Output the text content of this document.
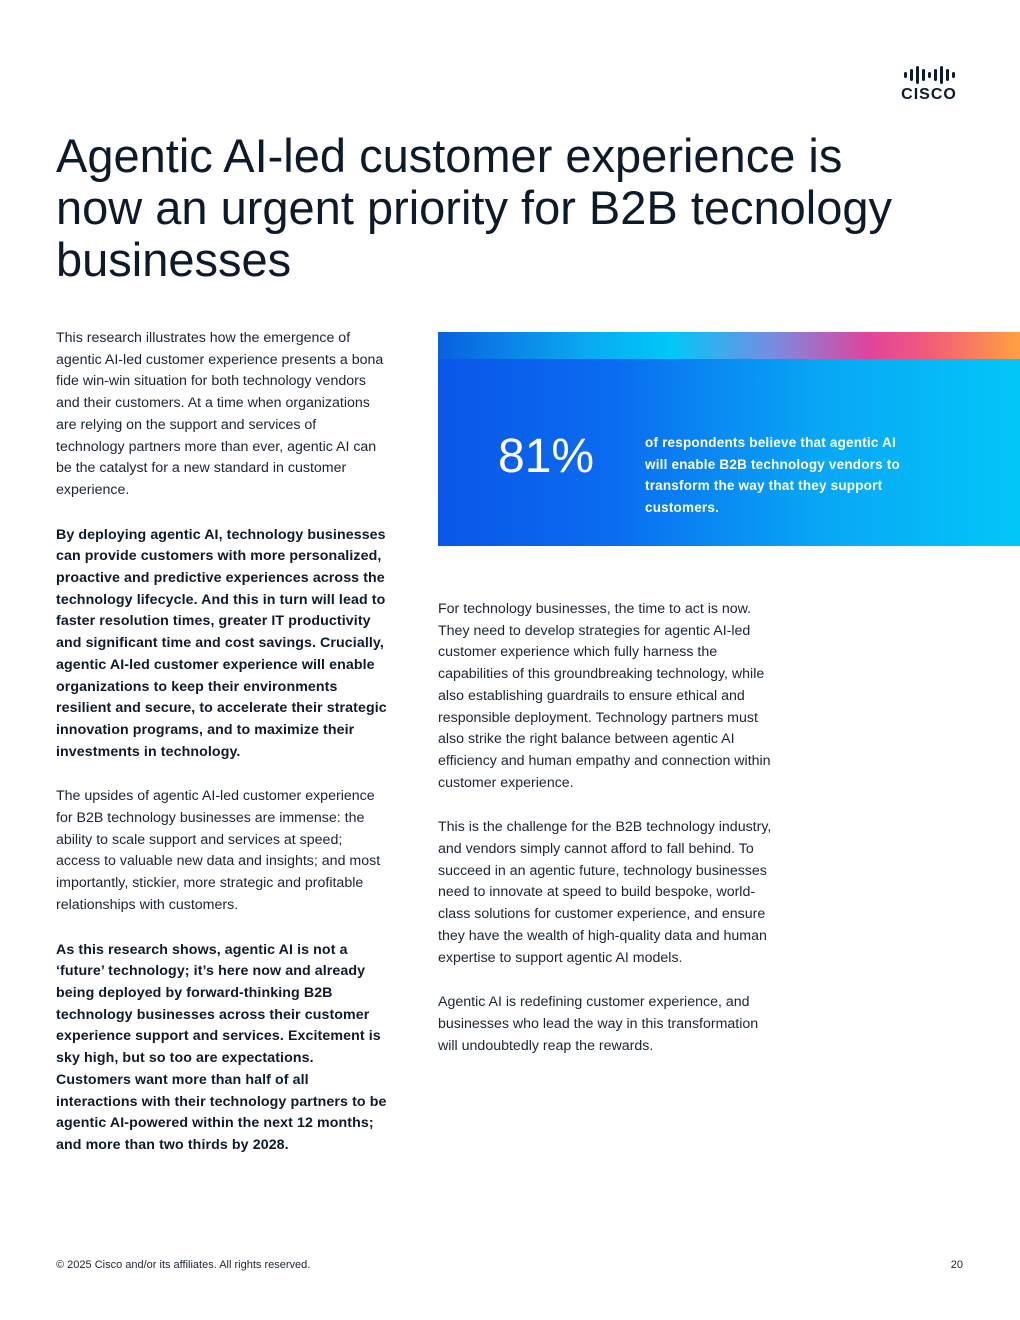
CISCO
Agentic AI-led customer experience is now an urgent priority for B2B tecnology businesses

This research illustrates how the emergence of agentic AI-led customer experience presents a bona fide win-win situation for both technology vendors and their customers. At a time when organizations are relying on the support and services of technology partners more than ever, agentic AI can be the catalyst for a new standard in customer experience.

By deploying agentic AI, technology businesses can provide customers with more personalized, proactive and predictive experiences across the technology lifecycle. And this in turn will lead to faster resolution times, greater IT productivity and significant time and cost savings. Crucially, agentic AI-led customer experience will enable organizations to keep their environments resilient and secure, to accelerate their strategic innovation programs, and to maximize their investments in technology.

The upsides of agentic AI-led customer experience for B2B technology businesses are immense: the ability to scale support and services at speed; access to valuable new data and insights; and most importantly, stickier, more strategic and profitable relationships with customers.

As this research shows, agentic AI is not a ‘future’ technology; it’s here now and already being deployed by forward-thinking B2B technology businesses across their customer experience support and services. Excitement is sky high, but so too are expectations. Customers want more than half of all interactions with their technology partners to be agentic AI-powered within the next 12 months; and more than two thirds by 2028.

81%	of respondents believe that agentic AI will enable B2B technology vendors to transform the way that they support customers.

For technology businesses, the time to act is now. They need to develop strategies for agentic AI-led customer experience which fully harness the capabilities of this groundbreaking technology, while also establishing guardrails to ensure ethical and responsible deployment. Technology partners must also strike the right balance between agentic AI efficiency and human empathy and connection within customer experience.

This is the challenge for the B2B technology industry, and vendors simply cannot afford to fall behind. To succeed in an agentic future, technology businesses need to innovate at speed to build bespoke, world-class solutions for customer experience, and ensure they have the wealth of high-quality data and human expertise to support agentic AI models.

Agentic AI is redefining customer experience, and businesses who lead the way in this transformation will undoubtedly reap the rewards.

© 2025 Cisco and/or its affiliates. All rights reserved.	20
